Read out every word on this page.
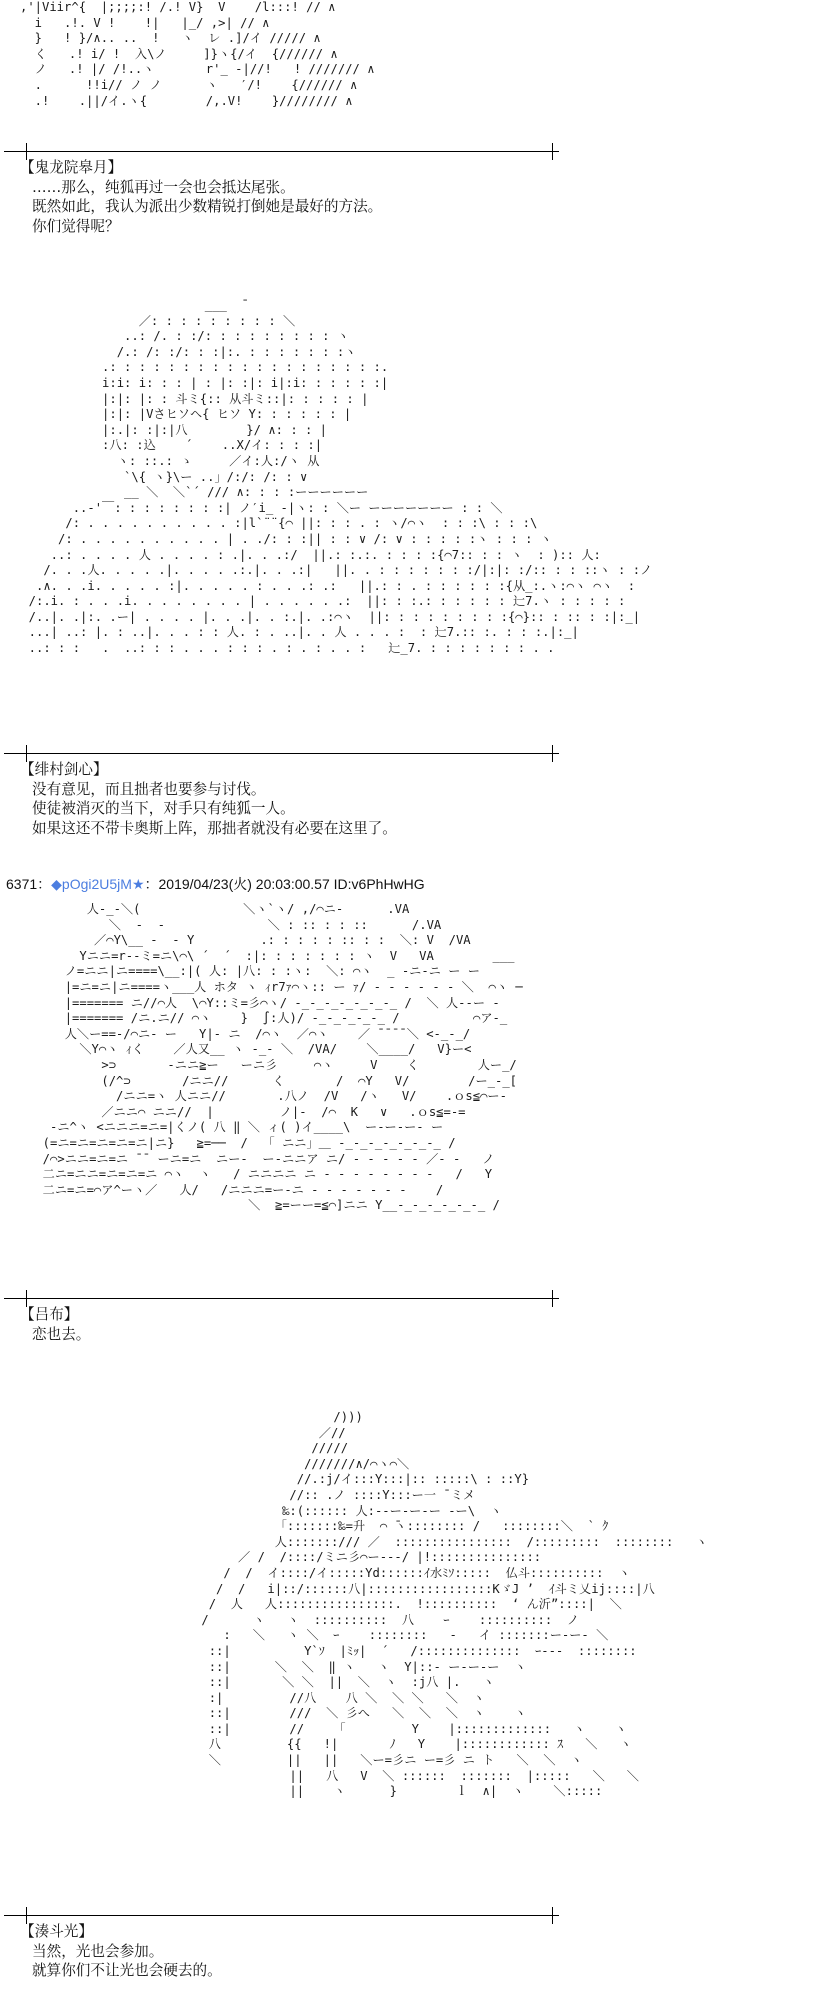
,'|Viir^{  |;;;;:! /.! V}  V    /l:::! // ∧
i   .!. V !    !|   |_/ ,>| // ∧
}   ! }/∧.. ..  !   ヽ  レ .]/イ ///// ∧
く   .! i/ !  入\ノ     ]}ヽ{/イ  {////// ∧
ノ   .! |/ /!..ヽ       r'_ -|//!   ! /////// ∧
.      !!i// ノ ノ      ヽ   ′/!    {////// ∧
.!    .||/イ.ヽ{        /,.V!    }//////// ∧
【鬼龙院皋月】
……那么，纯狐再过一会也会抵达尾张。
既然如此，我认为派出少数精锐打倒她是最好的方法。
你们觉得呢？
___  ̄
／: : : : : : : : : ＼
..: /. : :/: : : : : : : : : ヽ
/.: /: :/: : :|:. : : : : : : :ヽ
.: : : : : : : : : : : : : : : : : : :.
i:i: i: : : | : |: :|: i|:i: : : : : :|
|:|: |: : 斗ミ{:: 从斗ミ::|: : : : : |
|:|: |Vさヒソヘ{ ヒソ Y: : : : : : |
|:.|: :|:|八        }/ ∧: : : |
:八: :込    ´    ..X/イ: : : :|
ヽ: ::.: ゝ     ／イ:人:/ヽ 从
`\{ ヽ}\ー ..」/:/: /: : ∨
__ ＼  ＼`´ /// ∧: : : :ーーーーーー
..-'￣: : : : : : : :| ノ′i_ -|ヽ: : ＼ー ーーーーーーー : : ＼
/: . . . . . . . . . . :|l`¨¨{⌒ ||: : : . : ヽ/⌒ヽ  : : :\ : : :\
/: . . . . . . . . . . | . ./: : :|| : : ∨ /: ∨ : : : : :ヽ : : : ヽ
..: . . . . 人 . . . . : .|. . .:/  ||.: :.:. : : : :{⌒7:: : : ヽ  : ):: 人:
/. . .人. . . . .|. . . . .:.|. . .:|   ||. . : : : : : : :/|:|: :/:: : : ::ヽ : :ノ
.∧. . .i. . . . . :|. . . . . : . . .: .:   ||.: : . : : : : : :{从_:.ヽ:⌒ヽ ⌒ヽ  :
/:.i. : . . .i. . . . . . . . | . . . . . .:  ||: : :.: : : : : : 辷7.ヽ : : : : :
/..|. .|:. .ー| . . . . |. . .|. . :.|. .:⌒ヽ  ||: : : : : : : : :{⌒}:: : :: : :|:_|
...| ..: |. : ..|. . . : : 人. : . ..|. . 人 . . . :  : 辷7.:: :. : : :.|:_|
..: : :   .  ..: : : . . . : : : . : . : . . :   辷_7. : : : : : : : . .
【绯村剑心】
没有意见，而且拙者也要参与讨伐。
使徒被消灭的当下，对手只有纯狐一人。
如果这还不带卡奥斯上阵，那拙者就没有必要在这里了。
6371：◆pOgi2U5jM★：2019/04/23(火) 20:03:00.57 ID:v6PhHwHG
人-_-＼(              ＼ヽ`ヽ/ ,/⌒ニ-      .VA
＼  -  -              ＼ : :: : : ::      /.VA
／⌒Y\__ -  - Y         .: : : : : :: : :  ＼: V  /VA
Yニニ=r--ミ=ニ\⌒\ ´  ´  :|: : : : : : : ヽ  V   VA        ___
ノ=ニニ|ニ====\__:|( 人: |八: : :ヽ:  ＼: ⌒ヽ  _ -ニ‐ニ ー ー
|=ニ=ニ|ニ====ヽ___人 ホタ ヽ ｨr7ｧ⌒ヽ:: ー ｧ/ ‐ ‐ ‐ ‐ ‐ ‐ ＼  ⌒ヽ ─
|======= ニ//⌒人  \⌒Y::ミ=彡⌒ヽ/ -_-_-_-_-_-_-_ /  ＼ 人--ー ‐
|======= /ニ.ニ// ⌒ヽ    }  ∫:人)/ -_-_-_-_-_ /          ⌒ア‐_
人＼ー==‐/⌒ニ‐ ー   Y|- ニ  /⌒ヽ  ／⌒ヽ    ／ ̄ ̄ ̄ ̄ ＼ <-_-_/
＼Y⌒ヽ ｨく    ／人又__ ヽ -_- ＼  /VA/    ＼____/   V}ー<
>⊃       -ニニ≧ー   ーニ彡     ⌒ヽ     V    く        人ー_/
(/^⊃       /ニニ//      く       /  ⌒Y   V/        /ー_-_[
/ニニ=ヽ 人ニニ//       .八ノ  /V   /ヽ   V/    .ｏs≦⌒ー‐
／ニニ⌒ ニニ//  |         ノ|‐  /⌒  K   ∨   .ｏs≦=‐=
-ニ^ヽ <ニニニ=ニ=|くノ( 八 ‖ ＼ ィ( )イ____\  ー‐ー‐ー‐ ー
(=ニ=ニ=ニ=ニ=ニ|ニ}   ≧=──  /  「 ニニ」＿ -_-_-_-_-_-_-_ /
/⌒>ニニ=ニ=ニ ̄ ̄  ーニ=ニ  ニー-  ー-ニニア ニ/ ‐ ‐ ‐ ‐ ‐ ／‐ ‐   ノ
二ニ=ニニ=ニ=ニ=ニ ⌒ヽ  ヽ   / ニニニニ ニ ‐ ‐ ‐ ‐ ‐ ‐ ‐ ‐   /   Y
二ニ=ニ=⌒ア^ーヽ／   人/   /ニニニ=ー‐ニ ‐ ‐ ‐ ‐ ‐ ‐ ‐    /
＼  ≧=ーー=≦⌒]ニニ Y__-_-_-_-_-_-_ /
【吕布】
恋也去。
/)))
／//
/////
///////∧/⌒ヽ⌒＼
//.:j/イ:::Y:::|:: :::::\ : ::Y}
//:: .ノ ::::Y:::ー一 ̄ ミメ
‰:(:::::: 人:-‐ー‐ー‐ー ‐ー\  ヽ
「:::::::‰=升  ⌒ ̄ヽ:::::::: /   ::::::::＼  ` ｸ
人:::::::/// ／  ::::::::::::::::  /:::::::::  ::::::::   ヽ
／ /  /::::/ミニ彡⌒ー‐‐‐/ |!:::::::::::::::
/  /  イ::::/イ:::::Yd::::::ｲ水ﾐｿ:::::  仏斗::::::::::  ヽ
/  /   i|::/::::::八|:::::::::::::::::KゞJ ’  ｲ斗ミ乂ij::::|八
/  人   人::::::::::::::::.  !::::::::::  ‘ ん沂”::::|  ＼
/      ヽ   ヽ  ::::::::::  八    ｰ    ::::::::::  ノ
:   ＼   ヽ ＼  ｰ    ::::::::   ‐   イ :::::::ー‐ー‐ ＼
::|          Y`ｿ  |ﾐｯ|  ´   /::::::::::::::  ｰ‐‐‐  ::::::::
::|      ＼  ＼  ‖ ヽ   ヽ  Y|::- ー‐ー‐ー  ヽ
::|       ＼ ＼  ||  ＼  ヽ  :j八 |.   ヽ
:|         //八    八 ＼  ＼ ＼   ＼  ヽ
::|        ///  ＼ 彡へ   ＼  ＼  ＼  ヽ    ヽ
::|        //    「         Y    |:::::::::::::   ヽ    ヽ
八         {{   !|       ﾉ   Y    |:::::::::::: ｽ   ＼   ヽ
＼         ||   ||   ＼ー=彡ニ ー=彡 ニ ト   ＼  ＼  ヽ
||   八   V  ＼ ::::::  :::::::  |:::::   ＼   ＼
||    ヽ      }        ｌ  ∧|  ヽ    ＼:::::
【湊斗光】
当然，光也会参加。
就算你们不让光也会硬去的。
